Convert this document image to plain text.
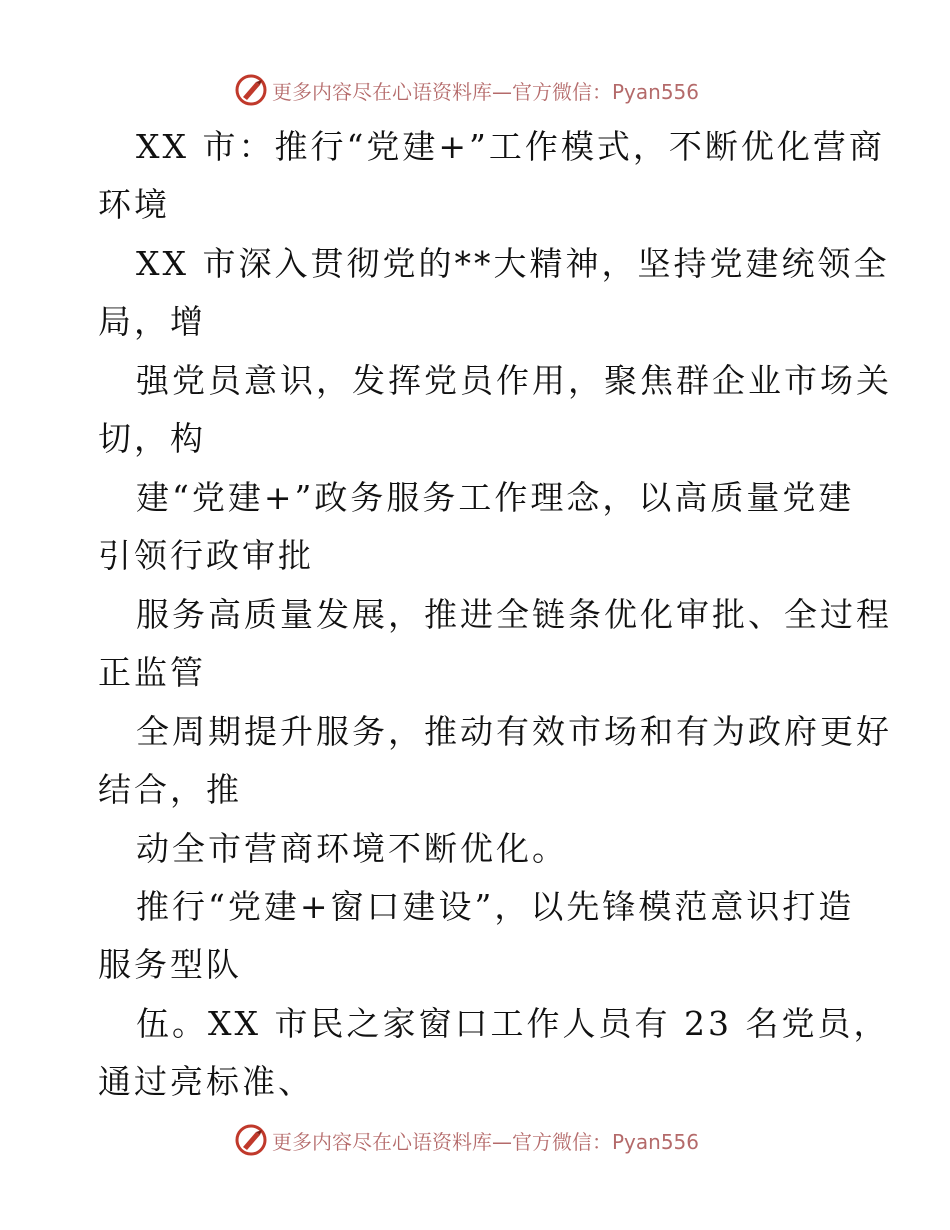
更多内容尽在心语资料库—官方微信：Pyan556
XX 市：推行“党建+”工作模式，不断优化营商
环境
XX 市深入贯彻党的**大精神，坚持党建统领全
局，增
强党员意识，发挥党员作用，聚焦群企业市场关
切，构
建“党建+”政务服务工作理念，以高质量党建
引领行政审批
服务高质量发展，推进全链条优化审批、全过程
正监管
全周期提升服务，推动有效市场和有为政府更好
结合，推
动全市营商环境不断优化。
推行“党建+窗口建设”，以先锋模范意识打造
服务型队
伍。XX 市民之家窗口工作人员有 23 名党员，
通过亮标准、
更多内容尽在心语资料库—官方微信：Pyan556
